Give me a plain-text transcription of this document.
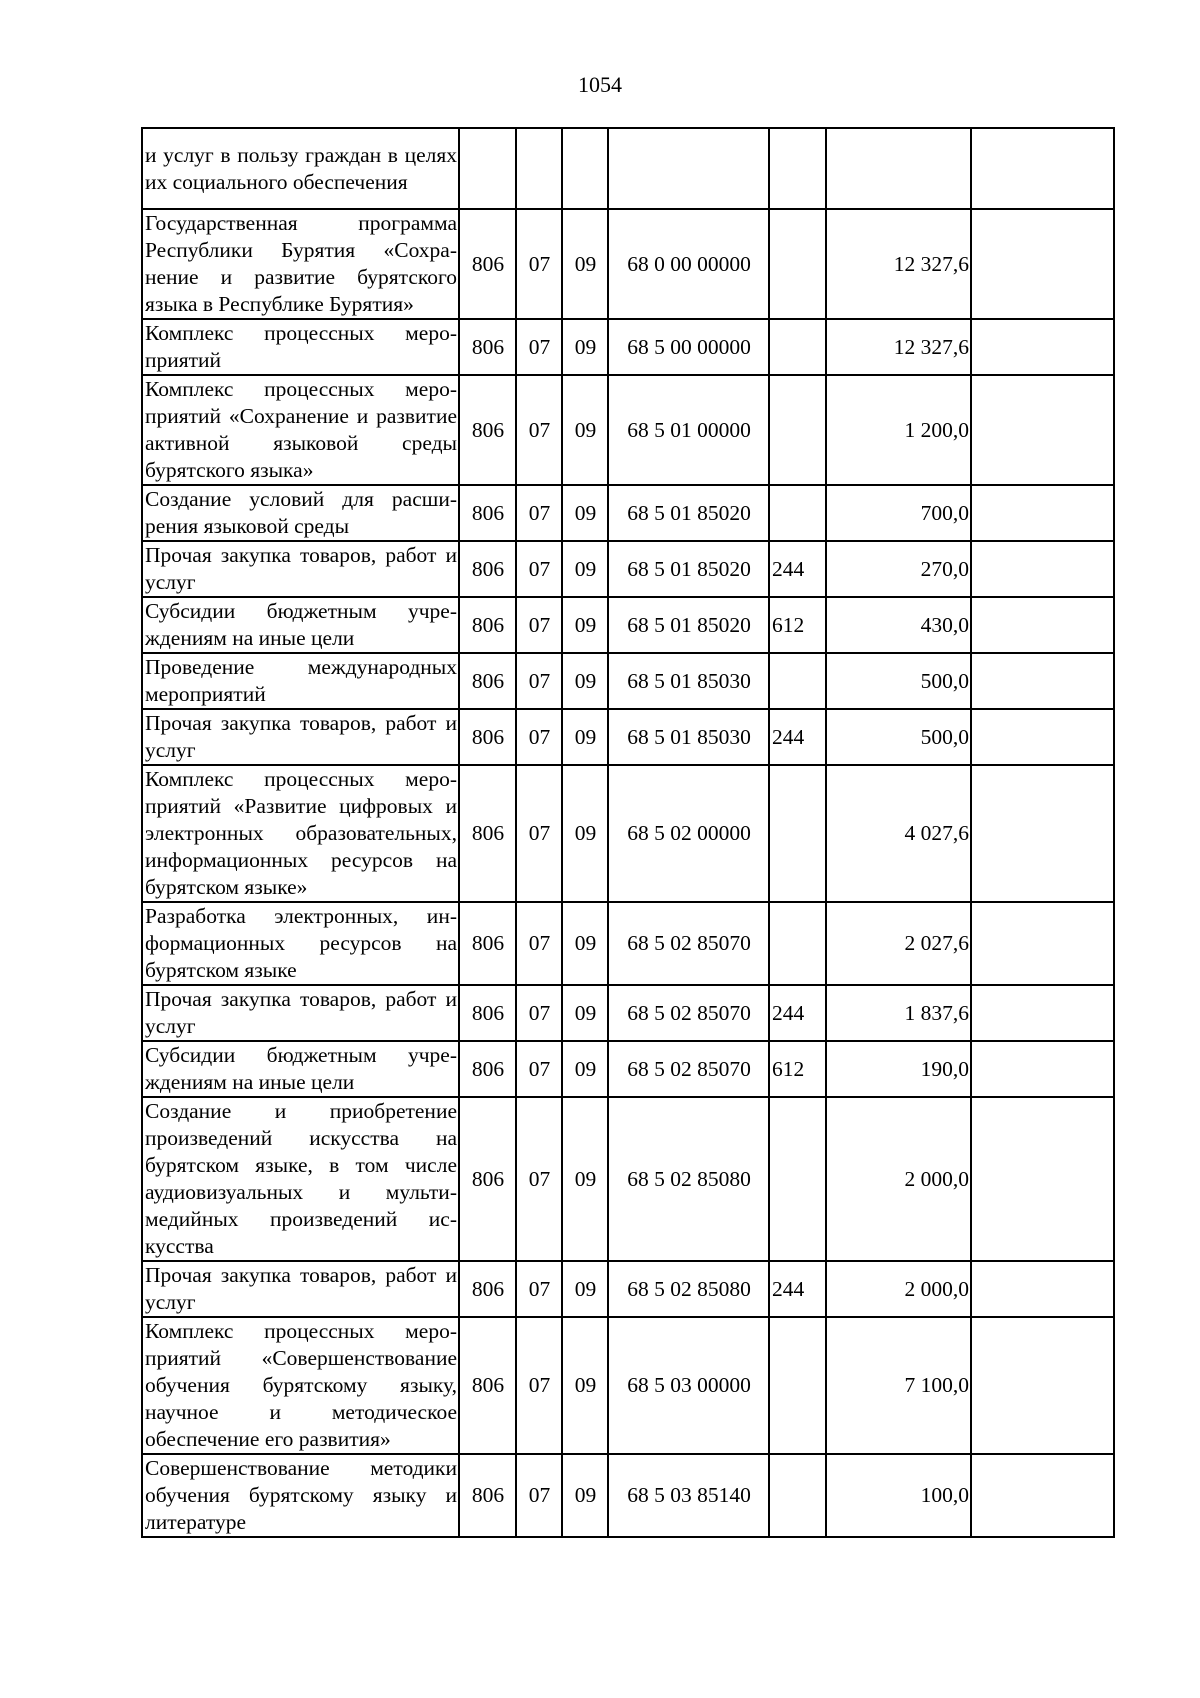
1054
и услуг в пользу граждан в целях их социального обеспечения							
Государственная программа Республики Бурятия «Сохранение и развитие бурятского языка в Республике Бурятия»	806	07	09	68 0 00 00000		12 327,6	
Комплекс процессных мероприятий	806	07	09	68 5 00 00000		12 327,6	
Комплекс процессных мероприятий «Сохранение и развитие активной языковой среды бурятского языка»	806	07	09	68 5 01 00000		1 200,0	
Создание условий для расширения языковой среды	806	07	09	68 5 01 85020		700,0	
Прочая закупка товаров, работ и услуг	806	07	09	68 5 01 85020	244	270,0	
Субсидии бюджетным учреждениям на иные цели	806	07	09	68 5 01 85020	612	430,0	
Проведение международных мероприятий	806	07	09	68 5 01 85030		500,0	
Прочая закупка товаров, работ и услуг	806	07	09	68 5 01 85030	244	500,0	
Комплекс процессных мероприятий «Развитие цифровых и электронных образовательных, информационных ресурсов на бурятском языке»	806	07	09	68 5 02 00000		4 027,6	
Разработка электронных, информационных ресурсов на бурятском языке	806	07	09	68 5 02 85070		2 027,6	
Прочая закупка товаров, работ и услуг	806	07	09	68 5 02 85070	244	1 837,6	
Субсидии бюджетным учреждениям на иные цели	806	07	09	68 5 02 85070	612	190,0	
Создание и приобретение произведений искусства на бурятском языке, в том числе аудиовизуальных и мультимедийных произведений искусства	806	07	09	68 5 02 85080		2 000,0	
Прочая закупка товаров, работ и услуг	806	07	09	68 5 02 85080	244	2 000,0	
Комплекс процессных мероприятий «Совершенствование обучения бурятскому языку, научное и методическое обеспечение его развития»	806	07	09	68 5 03 00000		7 100,0	
Совершенствование методики обучения бурятскому языку и литературе	806	07	09	68 5 03 85140		100,0	
